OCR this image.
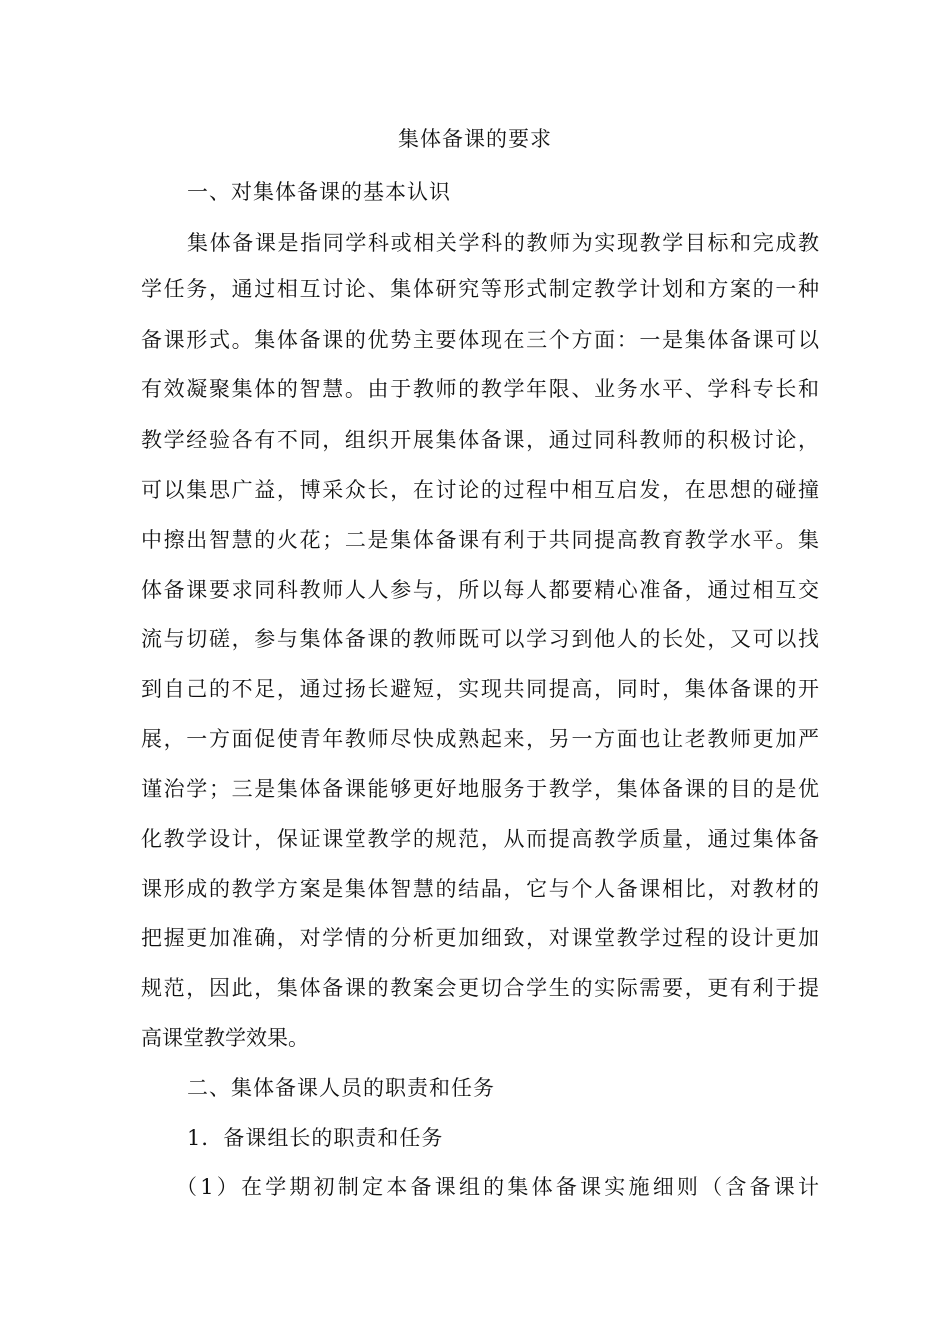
集体备课的要求
一、对集体备课的基本认识
集体备课是指同学科或相关学科的教师为实现教学目标和完成教
学任务，通过相互讨论、集体研究等形式制定教学计划和方案的一种
备课形式。集体备课的优势主要体现在三个方面：一是集体备课可以
有效凝聚集体的智慧。由于教师的教学年限、业务水平、学科专长和
教学经验各有不同，组织开展集体备课，通过同科教师的积极讨论，
可以集思广益，博采众长，在讨论的过程中相互启发，在思想的碰撞
中擦出智慧的火花；二是集体备课有利于共同提高教育教学水平。集
体备课要求同科教师人人参与，所以每人都要精心准备，通过相互交
流与切磋，参与集体备课的教师既可以学习到他人的长处，又可以找
到自己的不足，通过扬长避短，实现共同提高，同时，集体备课的开
展，一方面促使青年教师尽快成熟起来，另一方面也让老教师更加严
谨治学；三是集体备课能够更好地服务于教学，集体备课的目的是优
化教学设计，保证课堂教学的规范，从而提高教学质量，通过集体备
课形成的教学方案是集体智慧的结晶，它与个人备课相比，对教材的
把握更加准确，对学情的分析更加细致，对课堂教学过程的设计更加
规范，因此，集体备课的教案会更切合学生的实际需要，更有利于提
高课堂教学效果。
二、集体备课人员的职责和任务
1．备课组长的职责和任务
（1）在学期初制定本备课组的集体备课实施细则（含备课计
